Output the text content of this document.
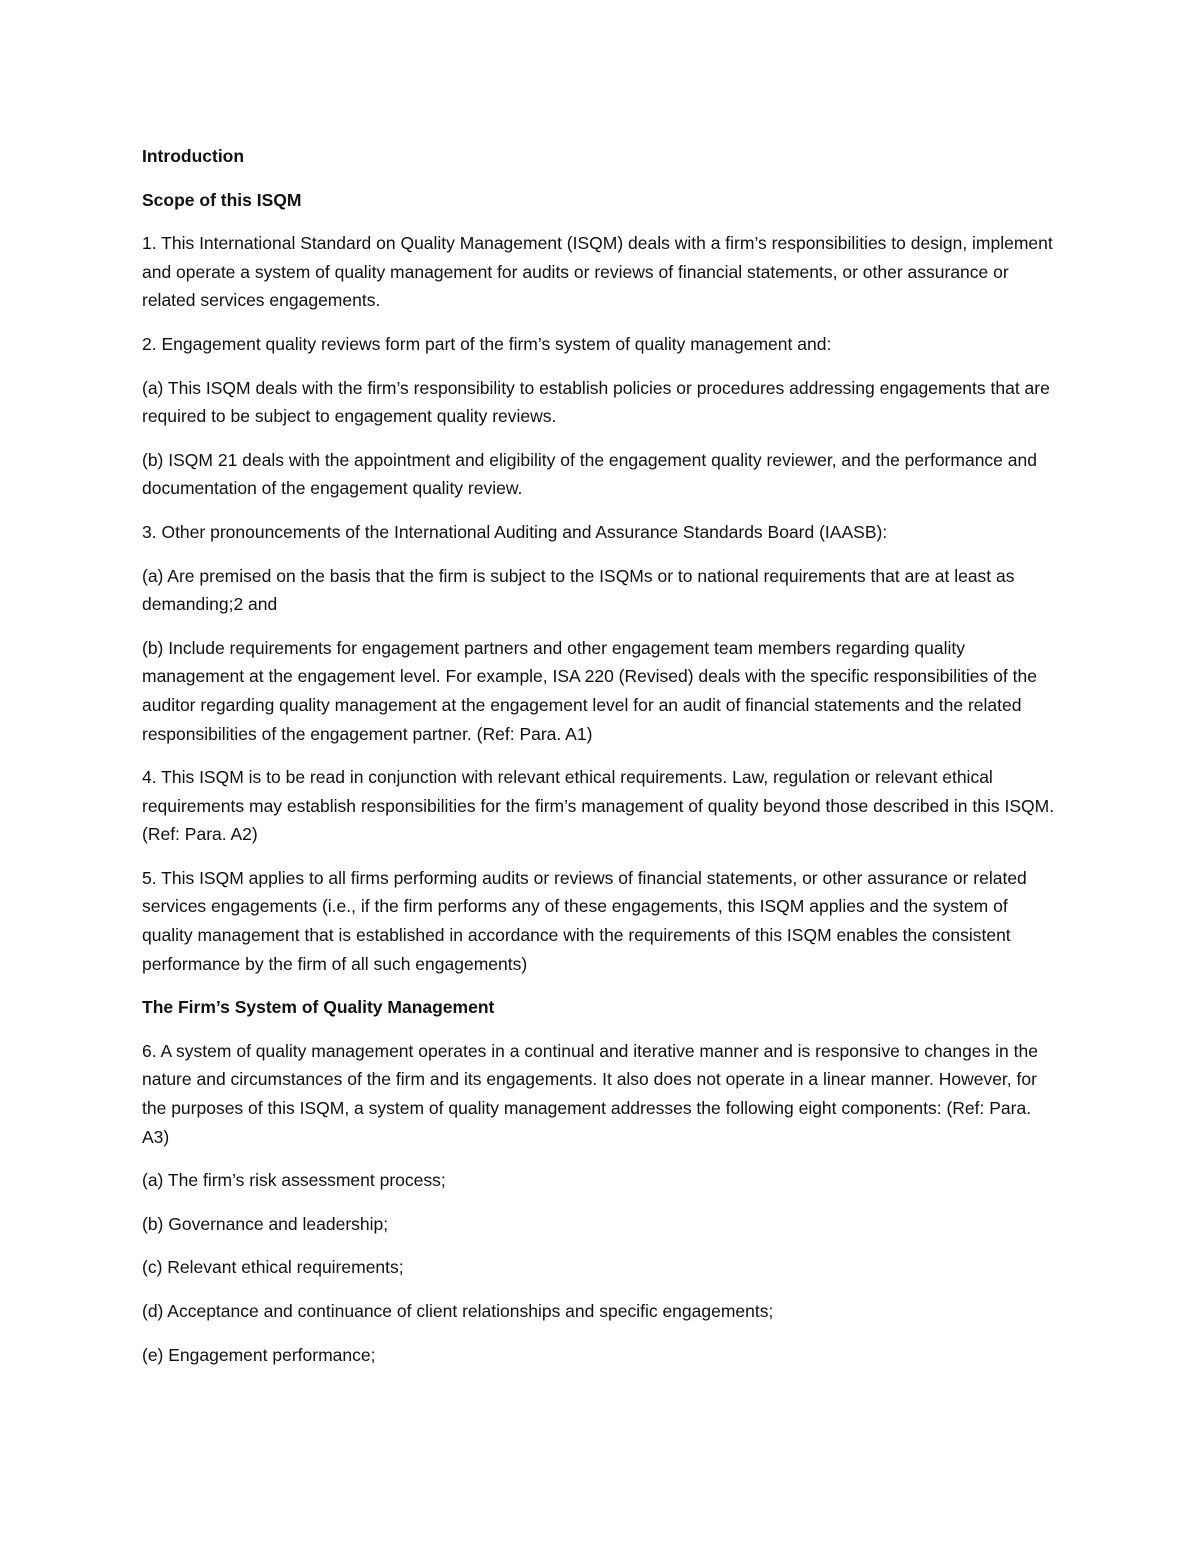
Introduction

Scope of this ISQM

1. This International Standard on Quality Management (ISQM) deals with a firm’s responsibilities to design, implement and operate a system of quality management for audits or reviews of financial statements, or other assurance or related services engagements.

2. Engagement quality reviews form part of the firm’s system of quality management and:

(a) This ISQM deals with the firm’s responsibility to establish policies or procedures addressing engagements that are required to be subject to engagement quality reviews.

(b) ISQM 21 deals with the appointment and eligibility of the engagement quality reviewer, and the performance and documentation of the engagement quality review.

3. Other pronouncements of the International Auditing and Assurance Standards Board (IAASB):

(a) Are premised on the basis that the firm is subject to the ISQMs or to national requirements that are at least as demanding;2 and

(b) Include requirements for engagement partners and other engagement team members regarding quality management at the engagement level. For example, ISA 220 (Revised) deals with the specific responsibilities of the auditor regarding quality management at the engagement level for an audit of financial statements and the related responsibilities of the engagement partner. (Ref: Para. A1)

4. This ISQM is to be read in conjunction with relevant ethical requirements. Law, regulation or relevant ethical requirements may establish responsibilities for the firm’s management of quality beyond those described in this ISQM. (Ref: Para. A2)

5. This ISQM applies to all firms performing audits or reviews of financial statements, or other assurance or related services engagements (i.e., if the firm performs any of these engagements, this ISQM applies and the system of quality management that is established in accordance with the requirements of this ISQM enables the consistent performance by the firm of all such engagements)

The Firm’s System of Quality Management

6. A system of quality management operates in a continual and iterative manner and is responsive to changes in the nature and circumstances of the firm and its engagements. It also does not operate in a linear manner. However, for the purposes of this ISQM, a system of quality management addresses the following eight components: (Ref: Para. A3)

(a) The firm’s risk assessment process;

(b) Governance and leadership;

(c) Relevant ethical requirements;

(d) Acceptance and continuance of client relationships and specific engagements;

(e) Engagement performance;
